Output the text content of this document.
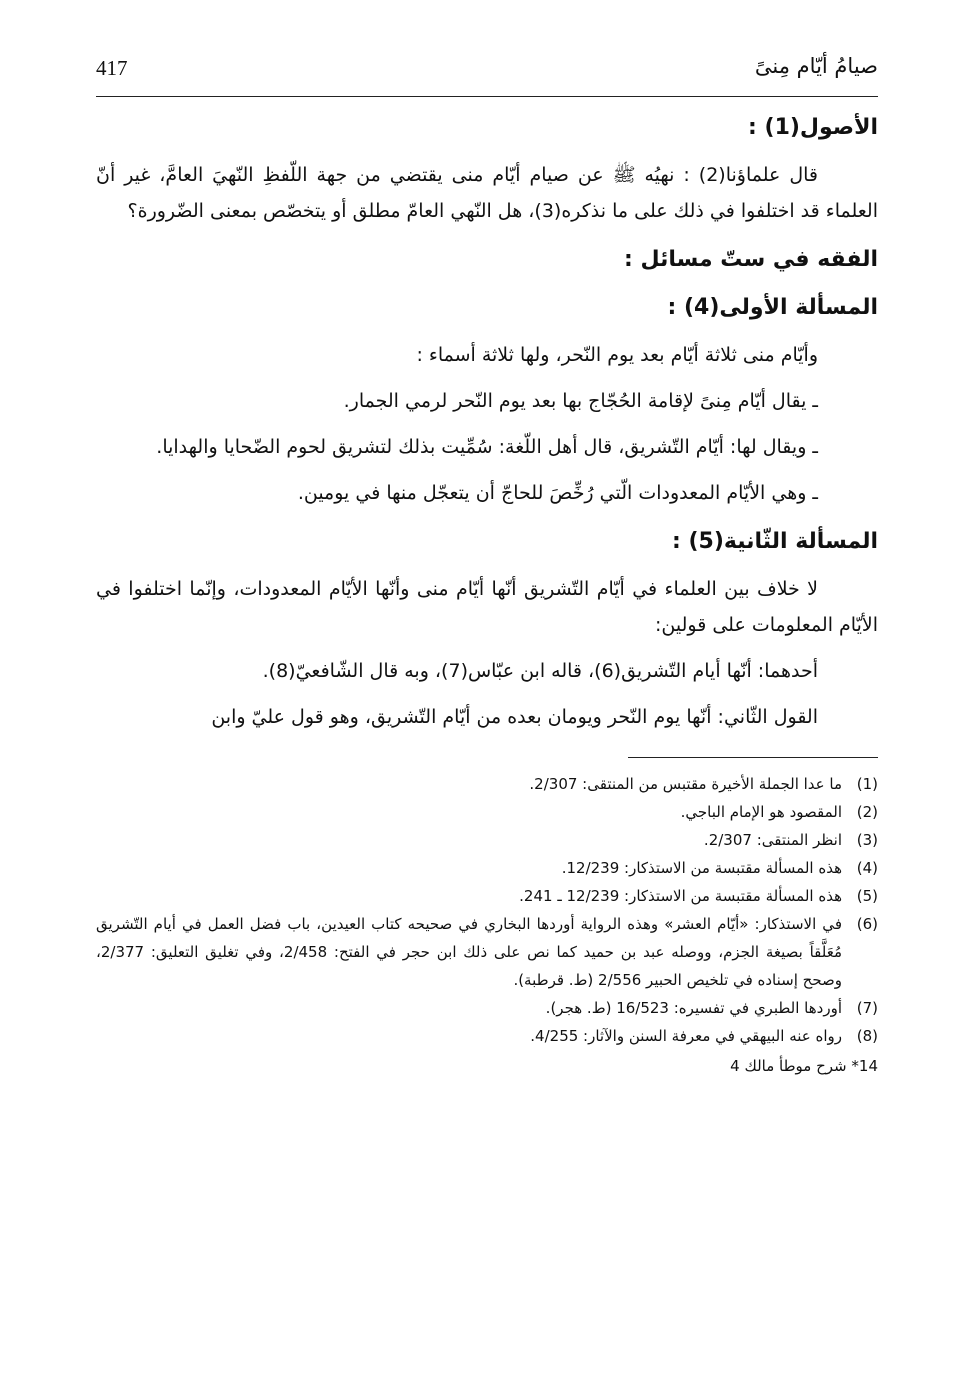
صيامُ أيّام مِنىً
417
الأصول(1) :

قال علماؤنا(2) : نهيُه ﷺ عن صيام أيّام منى يقتضي من جهة اللّفظِ النّهيَ العامَّ، غير أنّ العلماء قد اختلفوا في ذلك على ما نذكره(3)، هل النّهي العامّ مطلق أو يتخصّص بمعنى الضّرورة؟

الفقه في ستّ مسائل :
المسألة الأولى(4) :

وأيّام منى ثلاثة أيّام بعد يوم النّحر، ولها ثلاثة أسماء :

ـ يقال أيّام مِنىً لإقامة الحُجّاج بها بعد يوم النّحر لرمي الجمار.

ـ ويقال لها: أيّام التّشريق، قال أهل اللّغة: سُمِّيت بذلك لتشريق لحوم الضّحايا والهدايا.

ـ وهي الأيّام المعدودات الّتي رُخِّصَ للحاجّ أن يتعجّل منها في يومين.

المسألة الثّانية(5) :

لا خلاف بين العلماء في أيّام التّشريق أنّها أيّام منى وأنّها الأيّام المعدودات، وإنّما اختلفوا في الأيّام المعلومات على قولين:

أحدهما: أنّها أيام التّشريق(6)، قاله ابن عبّاس(7)، وبه قال الشّافعيّ(8).

القول الثّاني: أنّها يوم النّحر ويومان بعده من أيّام التّشريق، وهو قول عليّ وابن

(1)
ما عدا الجملة الأخيرة مقتبس من المنتقى: 2/307.
(2)
المقصود هو الإمام الباجي.
(3)
انظر المنتقى: 2/307.
(4)
هذه المسألة مقتبسة من الاستذكار: 12/239.
(5)
هذه المسألة مقتبسة من الاستذكار: 12/239 ـ 241.
(6)
في الاستذكار: «أيّام العشر» وهذه الرواية أوردها البخاري في صحيحه كتاب العيدين، باب فضل العمل في أيام التّشريق مُعَلَّقاً بصيغة الجزم، ووصله عبد بن حميد كما نص على ذلك ابن حجر في الفتح: 2/458، وفي تغليق التعليق: 2/377، وصحح إسناده في تلخيص الحبير 2/556 (ط. قرطبة).
(7)
أوردها الطبري في تفسيره: 16/523 (ط. هجر).
(8)
رواه عنه البيهقي في معرفة السنن والآثار: 4/255.
14* شرح موطأ مالك 4
